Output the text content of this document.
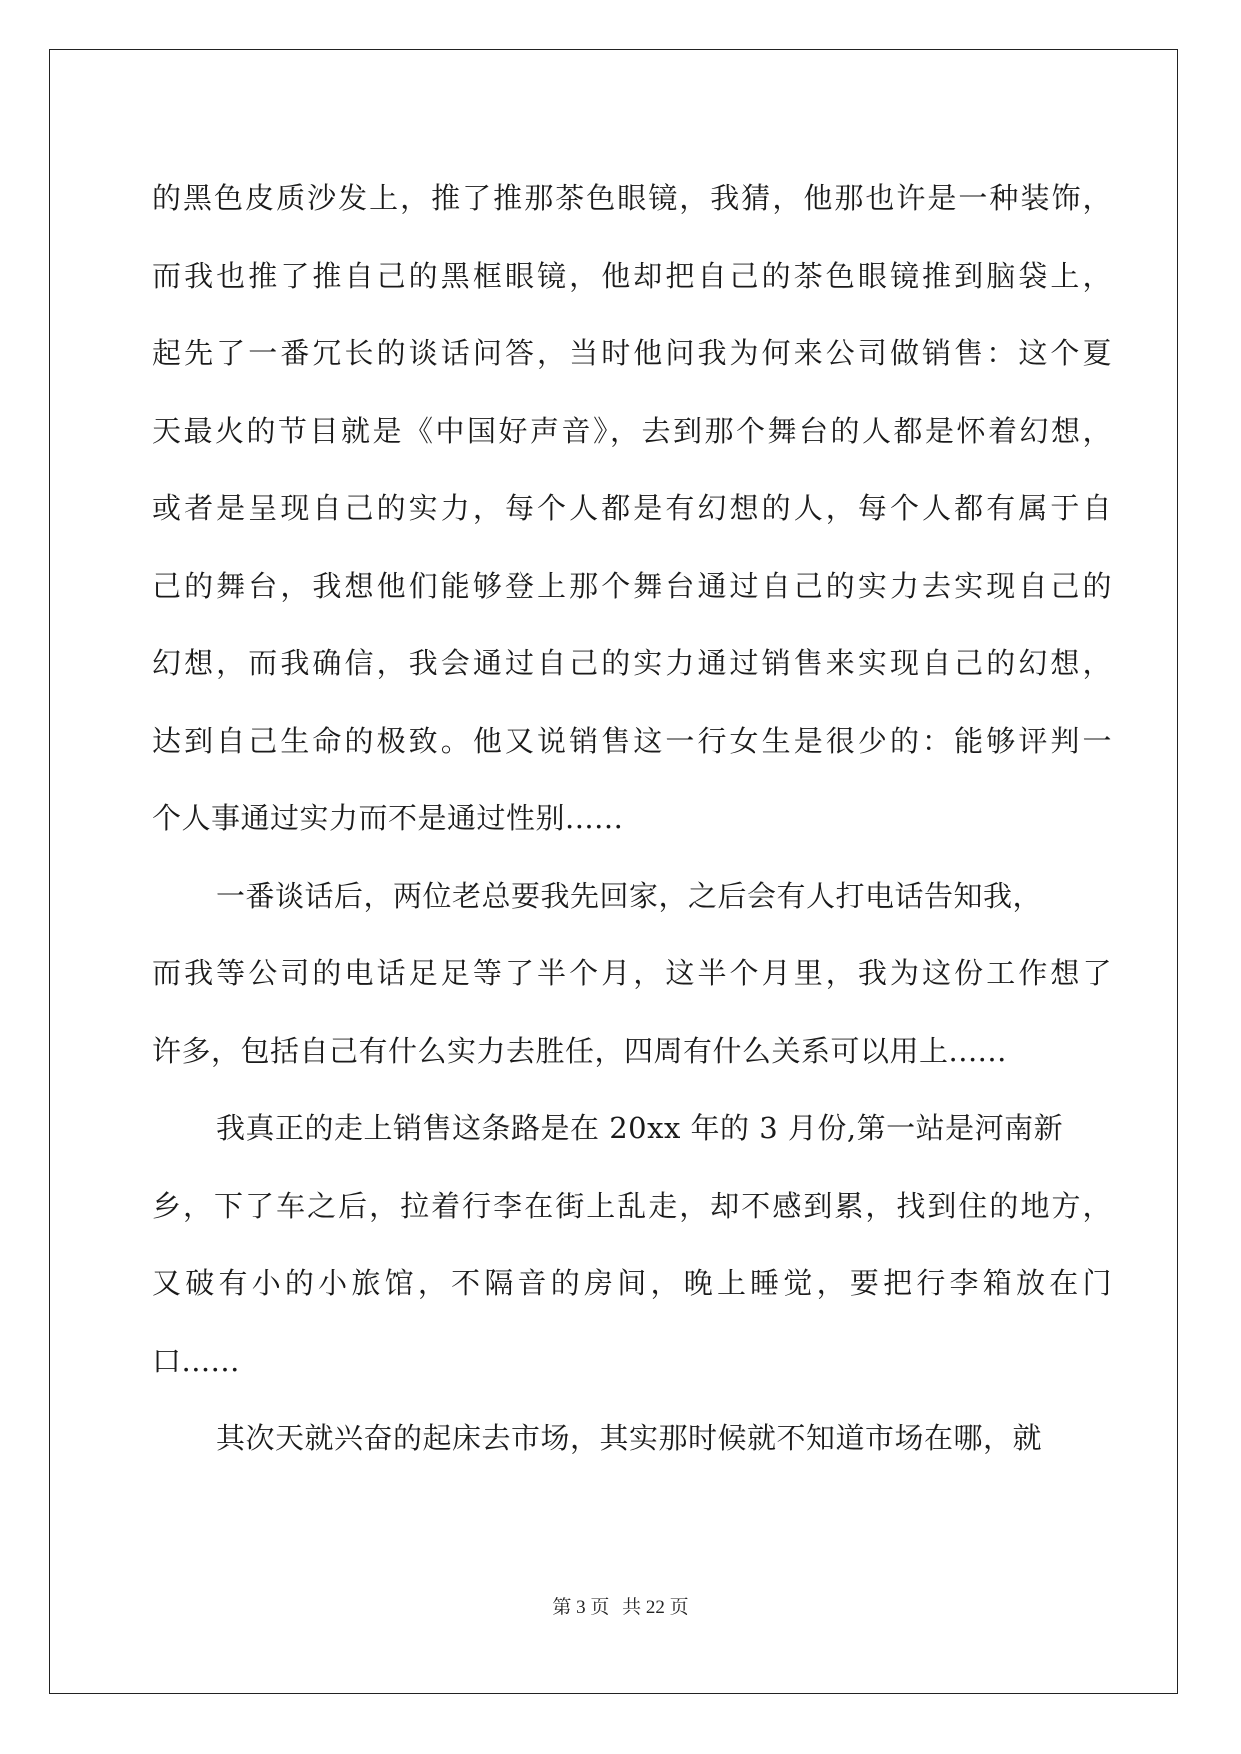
的黑色皮质沙发上，推了推那茶色眼镜，我猜，他那也许是一种装饰，
而我也推了推自己的黑框眼镜，他却把自己的茶色眼镜推到脑袋上，
起先了一番冗长的谈话问答，当时他问我为何来公司做销售：这个夏
天最火的节目就是《中国好声音》，去到那个舞台的人都是怀着幻想，
或者是呈现自己的实力，每个人都是有幻想的人，每个人都有属于自
己的舞台，我想他们能够登上那个舞台通过自己的实力去实现自己的
幻想，而我确信，我会通过自己的实力通过销售来实现自己的幻想，
达到自己生命的极致。他又说销售这一行女生是很少的：能够评判一
个人事通过实力而不是通过性别......
一番谈话后，两位老总要我先回家，之后会有人打电话告知我，
而我等公司的电话足足等了半个月，这半个月里，我为这份工作想了
许多，包括自己有什么实力去胜任，四周有什么关系可以用上......
我真正的走上销售这条路是在 20xx 年的 3 月份,第一站是河南新
乡，下了车之后，拉着行李在街上乱走，却不感到累，找到住的地方，
又破有小的小旅馆，不隔音的房间，晚上睡觉，要把行李箱放在门
口......
其次天就兴奋的起床去市场，其实那时候就不知道市场在哪，就
第 3 页 共 22 页
